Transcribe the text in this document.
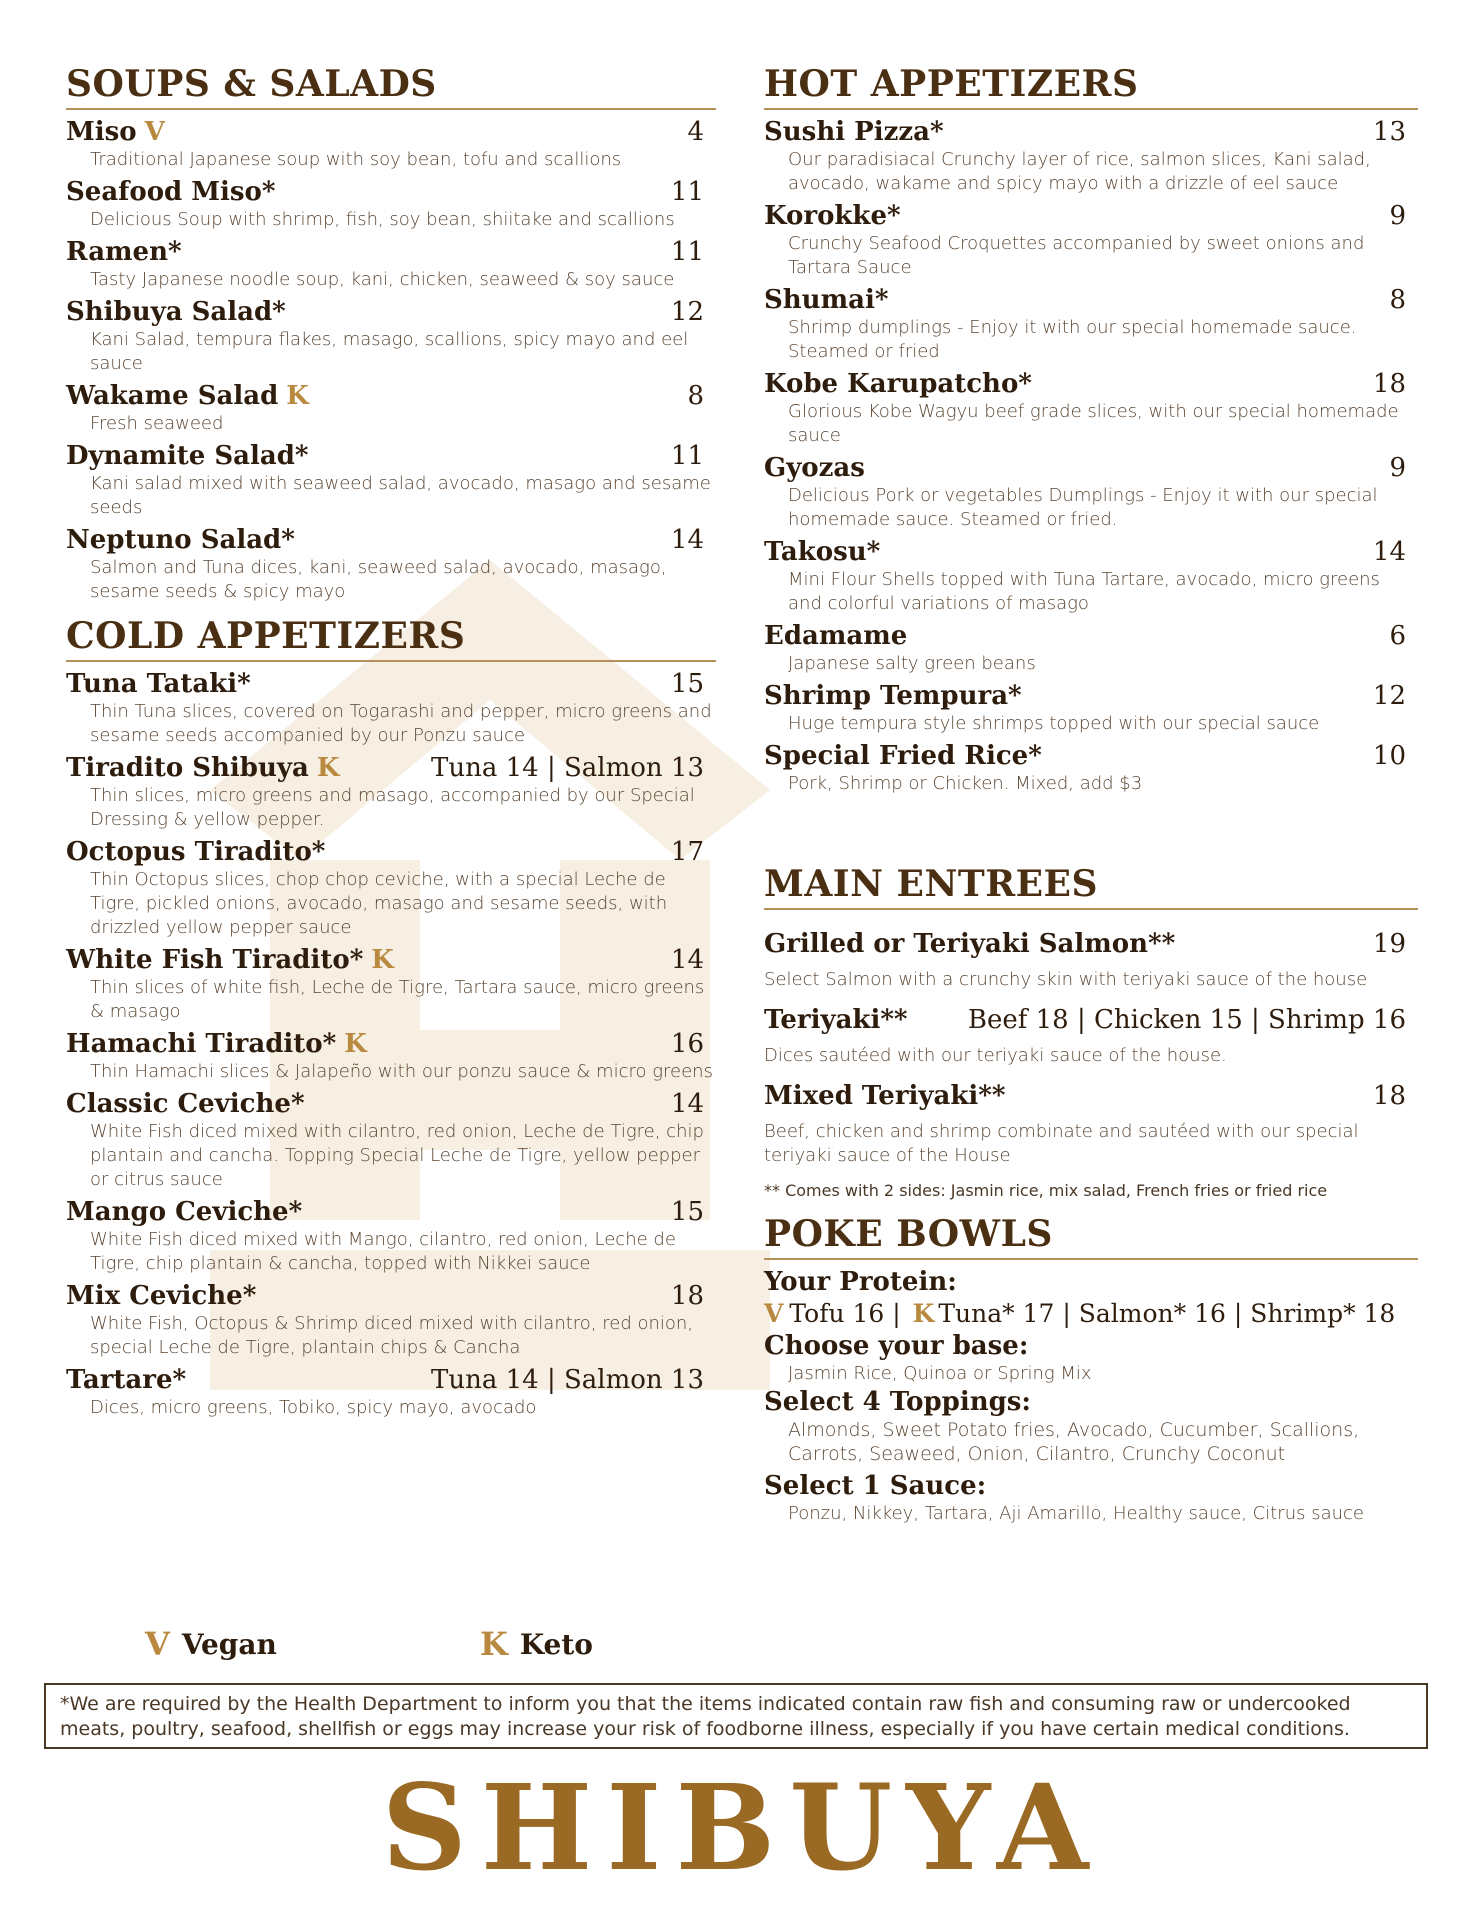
SOUPS & SALADS
Miso V	4
Traditional Japanese soup with soy bean, tofu and scallions
Seafood Miso*	11
Delicious Soup with shrimp, fish, soy bean, shiitake and scallions
Ramen*	11
Tasty Japanese noodle soup, kani, chicken, seaweed & soy sauce
Shibuya Salad*	12
Kani Salad, tempura flakes, masago, scallions, spicy mayo and eel sauce
Wakame Salad K	8
Fresh seaweed
Dynamite Salad*	11
Kani salad mixed with seaweed salad, avocado, masago and sesame seeds
Neptuno Salad*	14
Salmon and Tuna dices, kani, seaweed salad, avocado, masago, sesame seeds & spicy mayo
COLD APPETIZERS
Tuna Tataki*	15
Thin Tuna slices, covered on Togarashi and pepper, micro greens and sesame seeds accompanied by our Ponzu sauce
Tiradito Shibuya K	Tuna 14 | Salmon 13
Thin slices, micro greens and masago, accompanied by our Special Dressing & yellow pepper.
Octopus Tiradito*	17
Thin Octopus slices, chop chop ceviche, with a special Leche de Tigre, pickled onions, avocado, masago and sesame seeds, with drizzled yellow pepper sauce
White Fish Tiradito* K	14
Thin slices of white fish, Leche de Tigre, Tartara sauce, micro greens & masago
Hamachi Tiradito* K	16
Thin Hamachi slices & Jalapeño with our ponzu sauce & micro greens
Classic Ceviche*	14
White Fish diced mixed with cilantro, red onion, Leche de Tigre, chip plantain and cancha. Topping Special Leche de Tigre, yellow pepper or citrus sauce
Mango Ceviche*	15
White Fish diced mixed with Mango, cilantro, red onion, Leche de Tigre, chip plantain & cancha, topped with Nikkei sauce
Mix Ceviche*	18
White Fish, Octopus & Shrimp diced mixed with cilantro, red onion, special Leche de Tigre, plantain chips & Cancha
Tartare*	Tuna 14 | Salmon 13
Dices, micro greens, Tobiko, spicy mayo, avocado
HOT APPETIZERS
Sushi Pizza*	13
Our paradisiacal Crunchy layer of rice, salmon slices, Kani salad, avocado, wakame and spicy mayo with a drizzle of eel sauce
Korokke*	9
Crunchy Seafood Croquettes accompanied by sweet onions and Tartara Sauce
Shumai*	8
Shrimp dumplings - Enjoy it with our special homemade sauce. Steamed or fried
Kobe Karupatcho*	18
Glorious Kobe Wagyu beef grade slices, with our special homemade sauce
Gyozas	9
Delicious Pork or vegetables Dumplings - Enjoy it with our special homemade sauce. Steamed or fried.
Takosu*	14
Mini Flour Shells topped with Tuna Tartare, avocado, micro greens and colorful variations of masago
Edamame	6
Japanese salty green beans
Shrimp Tempura*	12
Huge tempura style shrimps topped with our special sauce
Special Fried Rice*	10
Pork, Shrimp or Chicken. Mixed, add $3
MAIN ENTREES
Grilled or Teriyaki Salmon**	19
Select Salmon with a crunchy skin with teriyaki sauce of the house
Teriyaki** Beef 18 | Chicken 15 | Shrimp 16
Dices sautéed with our teriyaki sauce of the house.
Mixed Teriyaki**	18
Beef, chicken and shrimp combinate and sautéed with our special teriyaki sauce of the House
** Comes with 2 sides: Jasmin rice, mix salad, French fries or fried rice
POKE BOWLS
Your Protein:
V Tofu 16 | K Tuna* 17 | Salmon* 16 | Shrimp* 18
Choose your base:
Jasmin Rice, Quinoa or Spring Mix
Select 4 Toppings:
Almonds, Sweet Potato fries, Avocado, Cucumber, Scallions, Carrots, Seaweed, Onion, Cilantro, Crunchy Coconut
Select 1 Sauce:
Ponzu, Nikkey, Tartara, Aji Amarillo, Healthy sauce, Citrus sauce
V Vegan	K Keto
*We are required by the Health Department to inform you that the items indicated contain raw fish and consuming raw or undercooked meats, poultry, seafood, shellfish or eggs may increase your risk of foodborne illness, especially if you have certain medical conditions.
SHIBUYA
